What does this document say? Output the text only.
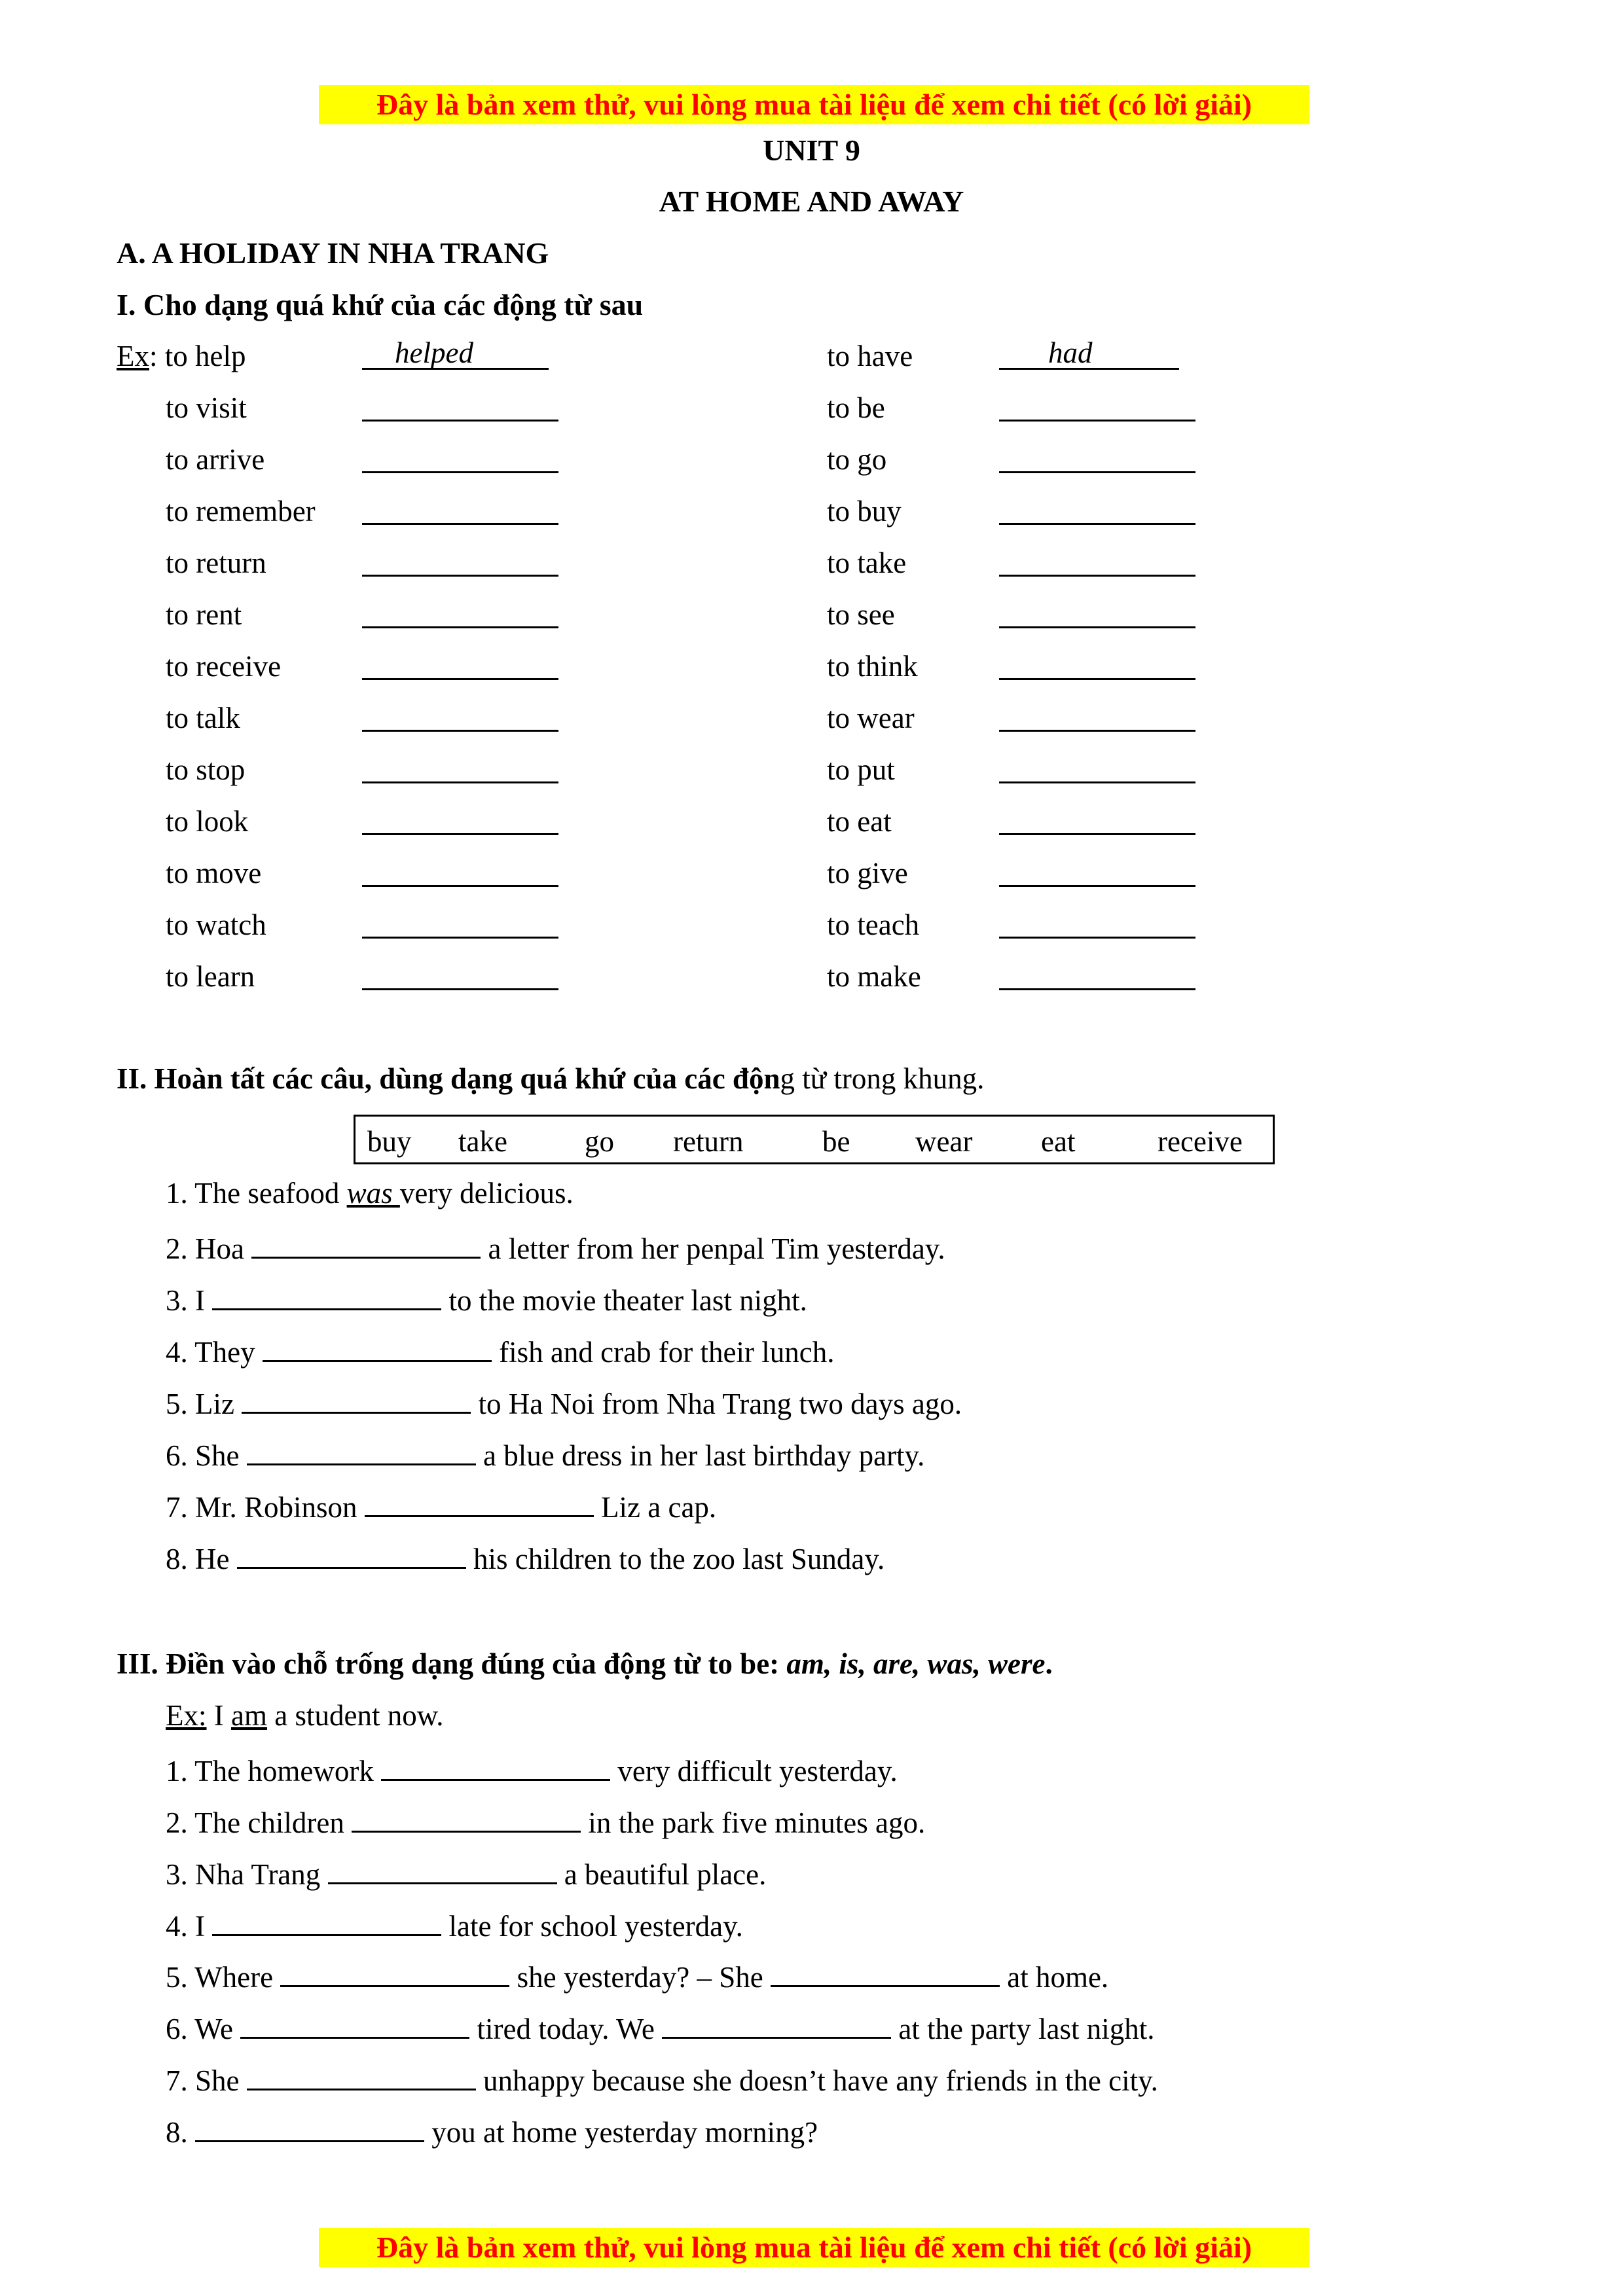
Đây là bản xem thử, vui lòng mua tài liệu để xem chi tiết (có lời giải)
UNIT 9
AT HOME AND AWAY
A. A HOLIDAY IN NHA TRANG
I. Cho dạng quá khứ của các động từ sau
Ex: to help	helped	to have	had
to visit	to be
to arrive	to go
to remember	to buy
to return	to take
to rent	to see
to receive	to think
to talk	to wear
to stop	to put
to look	to eat
to move	to give
to watch	to teach
to learn	to make
II. Hoàn tất các câu, dùng dạng quá khứ của các động từ trong khung.
buy take	go return	be wear eat	receive
1. The seafood was very delicious.
2. Hoa	a letter from her penpal Tim yesterday.
3. I	to the movie theater last night.
4. They	fish and crab for their lunch.
5. Liz	to Ha Noi from Nha Trang two days ago.
6. She	a blue dress in her last birthday party.
7. Mr. Robinson	Liz a cap.
8. He	his children to the zoo last Sunday.
III. Điền vào chỗ trống dạng đúng của động từ to be: am, is, are, was, were.
Ex: I am a student now.
1. The homework	very difficult yesterday.
2. The children	in the park five minutes ago.
3. Nha Trang	a beautiful place.
4. I	late for school yesterday.
5. Where	she yesterday? – She	at home.
6. We	tired today. We	at the party last night.
7. She	unhappy because she doesn’t have any friends in the city.
8.	you at home yesterday morning?
Đây là bản xem thử, vui lòng mua tài liệu để xem chi tiết (có lời giải)
